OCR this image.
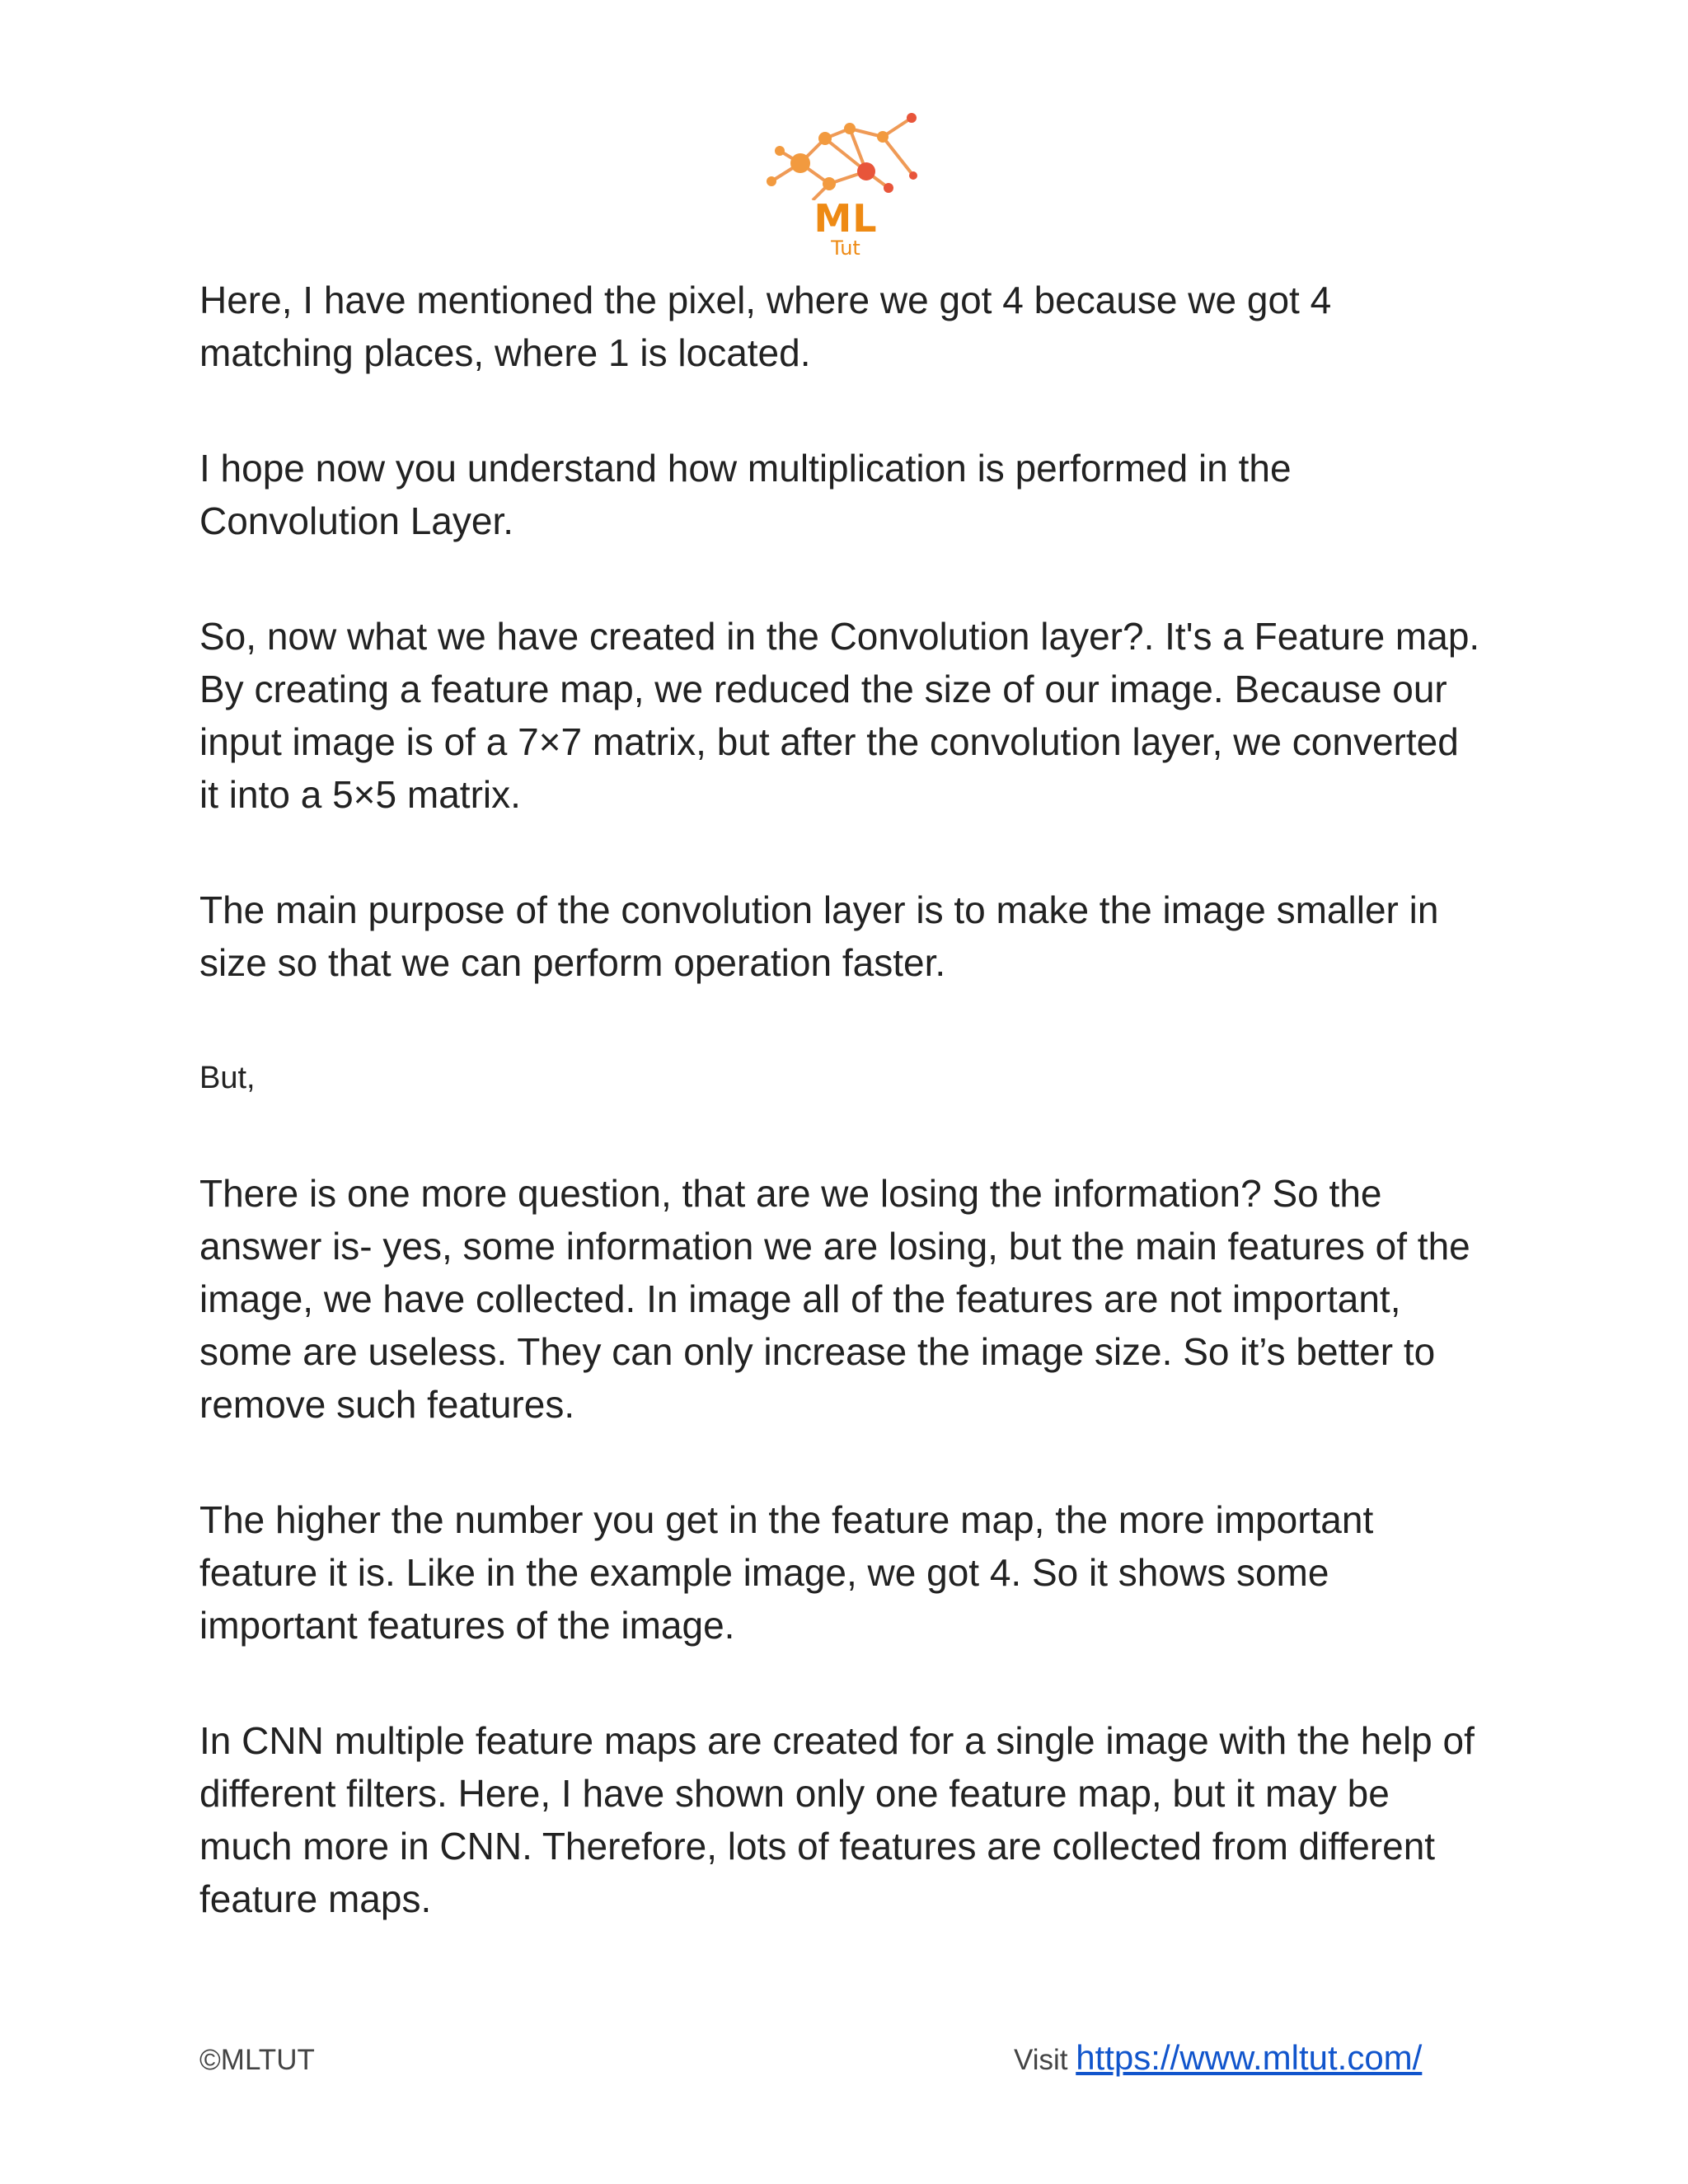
ML
Tut

Here, I have mentioned the pixel, where we got 4 because we got 4 matching places, where 1 is located.

I hope now you understand how multiplication is performed in the Convolution Layer.

So, now what we have created in the Convolution layer?. It's a Feature map. By creating a feature map, we reduced the size of our image. Because our input image is of a 7×7 matrix, but after the convolution layer, we converted it into a 5×5 matrix.

The main purpose of the convolution layer is to make the image smaller in size so that we can perform operation faster.

But,

There is one more question, that are we losing the information? So the answer is- yes, some information we are losing, but the main features of the image, we have collected. In image all of the features are not important, some are useless. They can only increase the image size. So it’s better to remove such features.

The higher the number you get in the feature map, the more important feature it is. Like in the example image, we got 4. So it shows some important features of the image.

In CNN multiple feature maps are created for a single image with the help of different filters. Here, I have shown only one feature map, but it may be much more in CNN. Therefore, lots of features are collected from different feature maps.

©MLTUT	Visit https://www.mltut.com/
